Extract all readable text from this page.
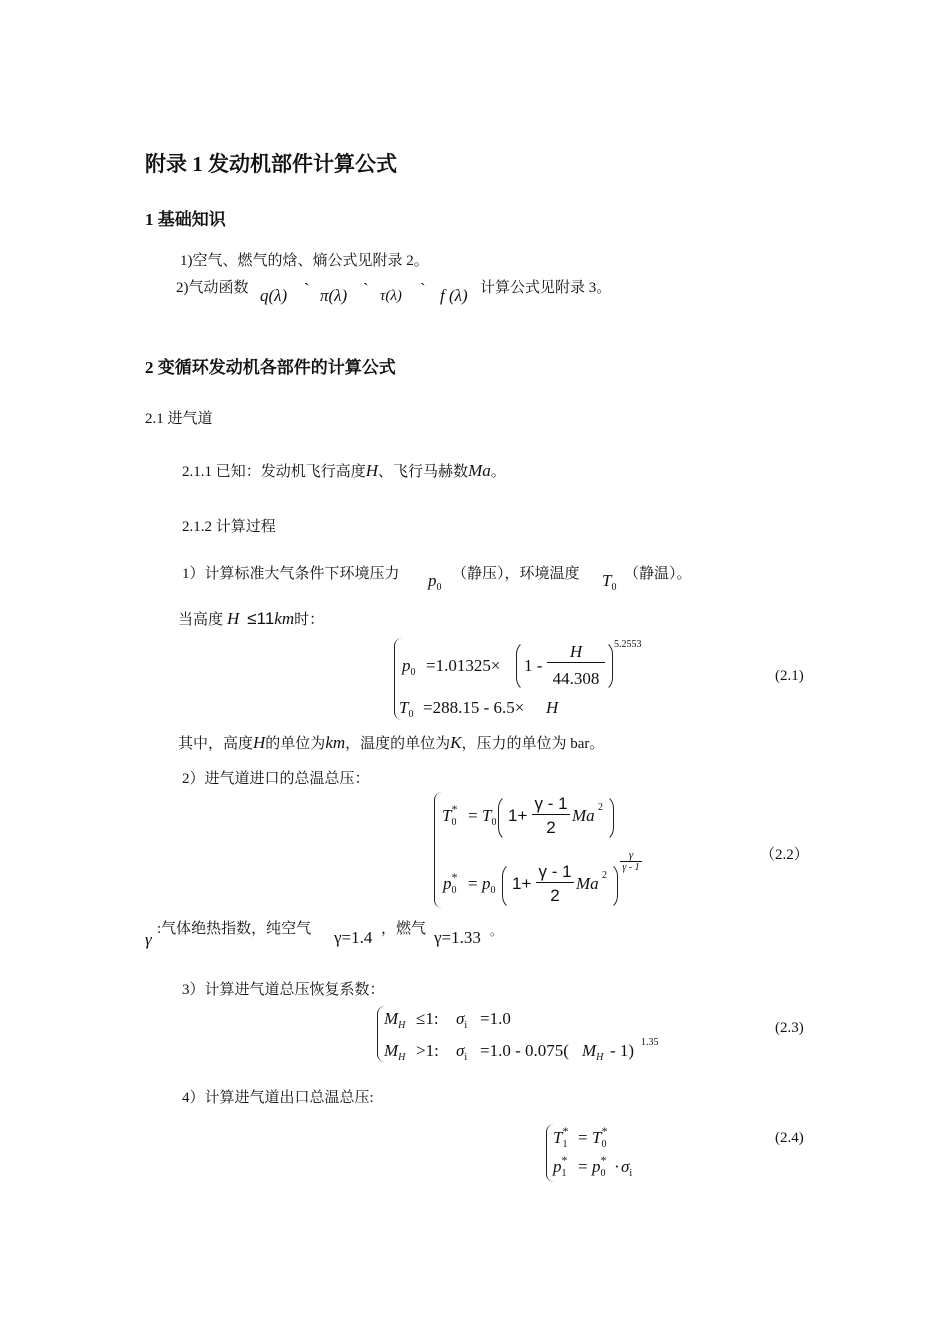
附录 1 发动机部件计算公式
1 基础知识
1)空气、燃气的焓、熵公式见附录 2。
2)气动函数 q(λ) ` π(λ) ` τ(λ) ` f (λ) 计算公式见附录 3。
2 变循环发动机各部件的计算公式
2.1 进气道
2.1.1 已知：发动机飞行高度H、飞行马赫数Ma。
2.1.2 计算过程
1）计算标准大气条件下环境压力 $p_0$
（静压），环境温度 $T_0$
（静温）。
当高度 H ≤11km时：
$p_0 =1.01325\times 1$ -
H
44.308
5.2553
$T_0 =288.15 - 6.5\times H$
(2.1)
其中，高度H的单位为km，温度的单位为K，压力的单位为 bar。
2）进气道进口的总温总压：
$T^*_0 = T_0$ 1+
γ - 1
2
Ma 2
$p^*_0 = p_0$ 1+
γ - 1
2
Ma 2
γ
γ - 1
（2.2）
γ
:气体绝热指数，纯空气 γ=1.4 ，燃气 γ=1.33 。
3）计算进气道总压恢复系数：
$M_H \le 1$: $\sigma_i =1.0$
$M_H >1$: $\sigma_i =1.0 - 0.075$( $M_H - 1$) 1.35
(2.3)
4）计算进气道出口总温总压:
$T^*_1 = T^*_0$
$p^*_1 = p^*_0 \cdot \sigma_i$
(2.4)
